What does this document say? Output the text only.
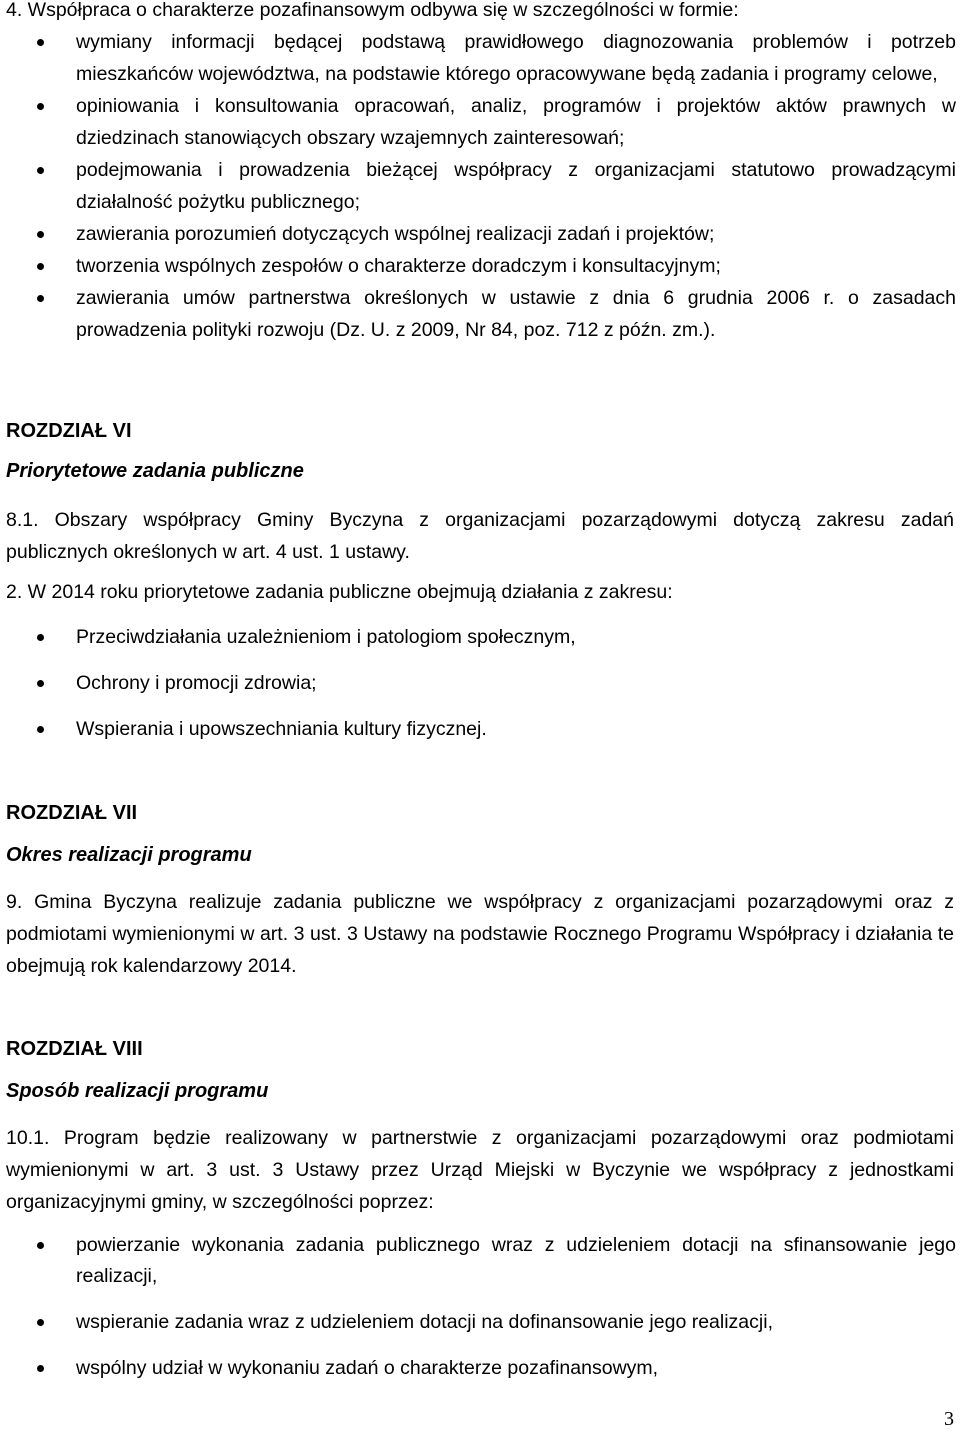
4. Współpraca o charakterze pozafinansowym odbywa się w szczególności w formie:

wymiany informacji będącej podstawą prawidłowego diagnozowania problemów i potrzeb mieszkańców województwa, na podstawie którego opracowywane będą zadania i programy celowe,
opiniowania i konsultowania opracowań, analiz, programów i projektów aktów prawnych w dziedzinach stanowiących obszary wzajemnych zainteresowań;
podejmowania i prowadzenia bieżącej współpracy z organizacjami statutowo prowadzącymi działalność pożytku publicznego;
zawierania porozumień dotyczących wspólnej realizacji zadań i projektów;
tworzenia wspólnych zespołów o charakterze doradczym i konsultacyjnym;
zawierania umów partnerstwa określonych w ustawie z dnia 6 grudnia 2006 r. o zasadach prowadzenia polityki rozwoju (Dz. U. z 2009, Nr 84, poz. 712 z późn. zm.).
ROZDZIAŁ VI
Priorytetowe zadania publiczne

8.1. Obszary współpracy Gminy Byczyna z organizacjami pozarządowymi dotyczą zakresu zadań publicznych określonych w art. 4 ust. 1 ustawy.

2. W 2014 roku priorytetowe zadania publiczne obejmują działania z zakresu:

Przeciwdziałania uzależnieniom i patologiom społecznym,
Ochrony i promocji zdrowia;
Wspierania i upowszechniania kultury fizycznej.
ROZDZIAŁ VII
Okres realizacji programu

9. Gmina Byczyna realizuje zadania publiczne we współpracy z organizacjami pozarządowymi oraz z podmiotami wymienionymi w art. 3 ust. 3 Ustawy na podstawie Rocznego Programu Współpracy i działania te obejmują rok kalendarzowy 2014.

ROZDZIAŁ VIII
Sposób realizacji programu

10.1. Program będzie realizowany w partnerstwie z organizacjami pozarządowymi oraz podmiotami wymienionymi w art. 3 ust. 3 Ustawy przez Urząd Miejski w Byczynie we współpracy z jednostkami organizacyjnymi gminy, w szczególności poprzez:

powierzanie wykonania zadania publicznego wraz z udzieleniem dotacji na sfinansowanie jego realizacji,
wspieranie zadania wraz z udzieleniem dotacji na dofinansowanie jego realizacji,
wspólny udział w wykonaniu zadań o charakterze pozafinansowym,
3
